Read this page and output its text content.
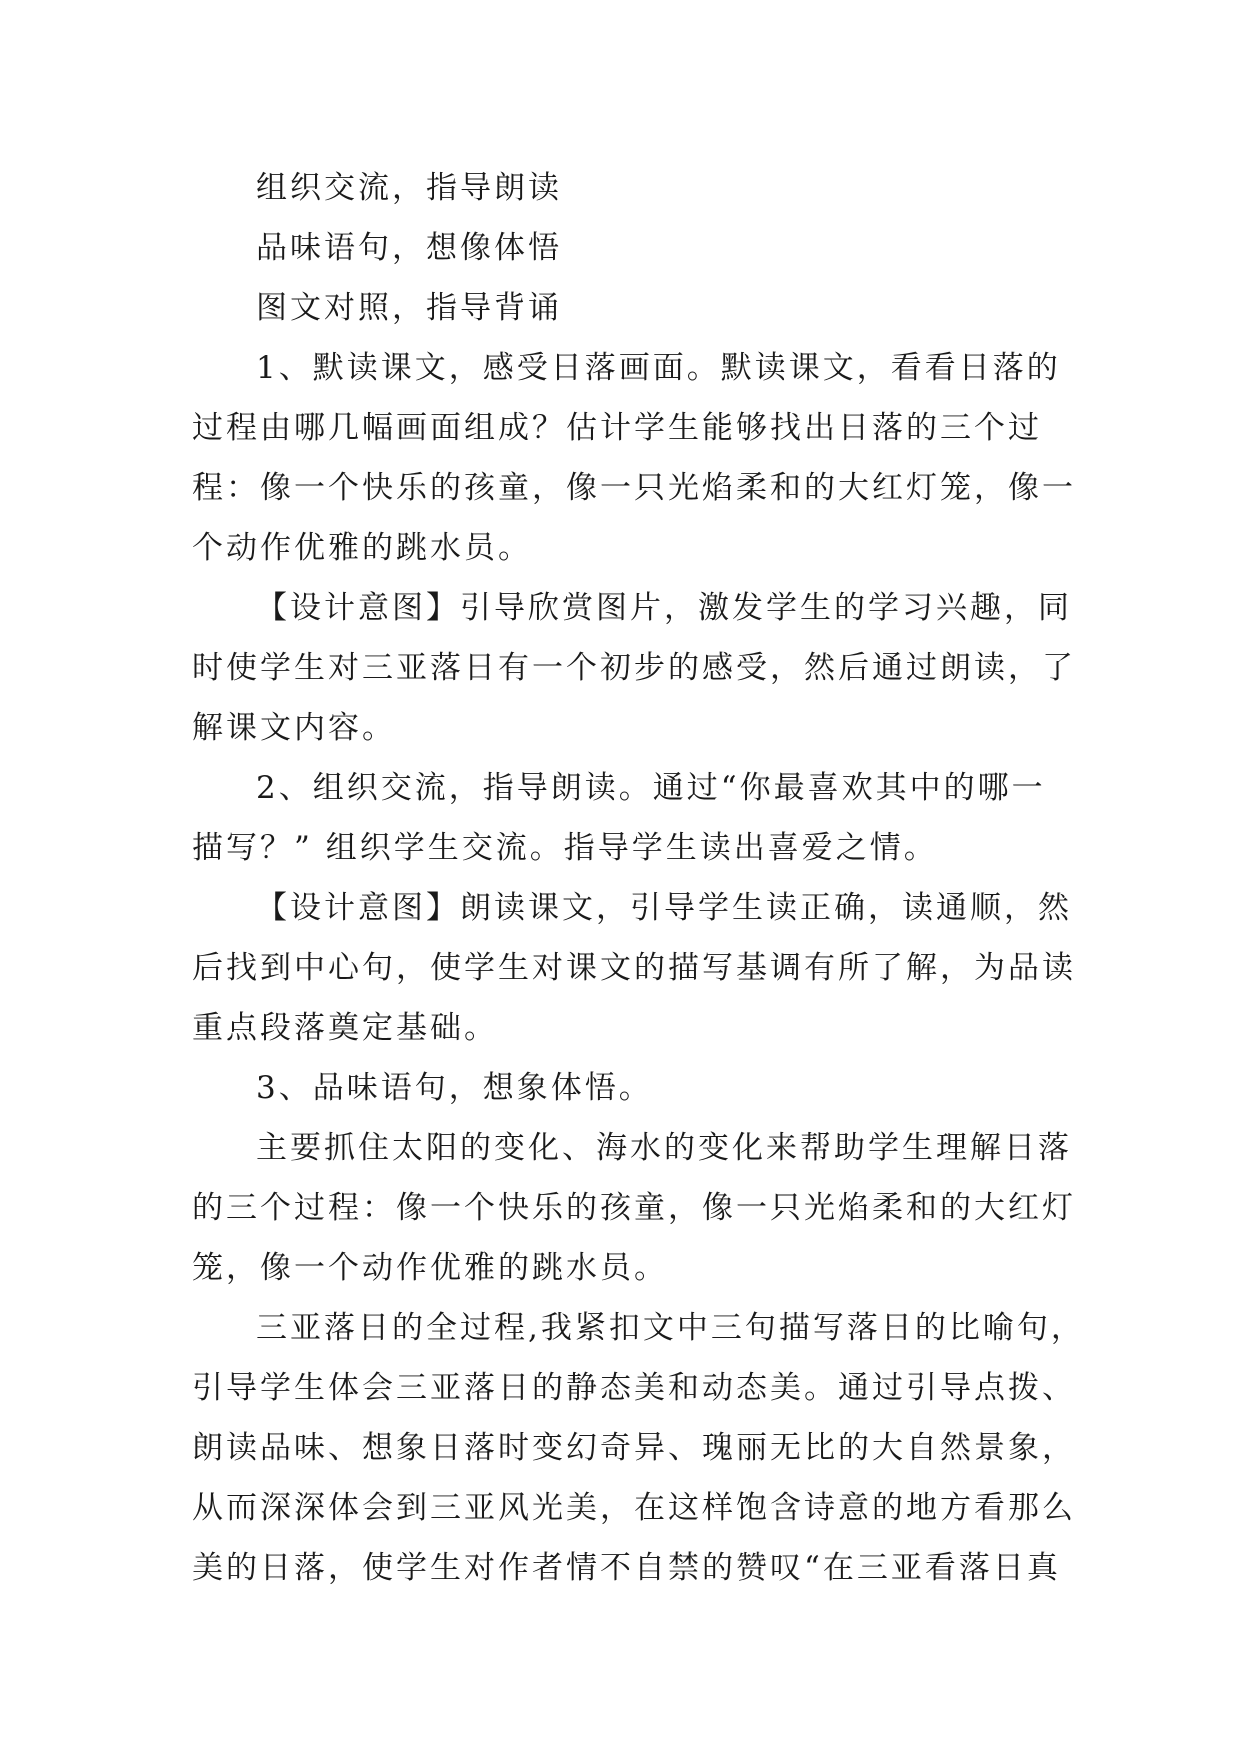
组织交流，指导朗读
品味语句，想像体悟
图文对照，指导背诵
1、默读课文，感受日落画面。默读课文，看看日落的
过程由哪几幅画面组成？估计学生能够找出日落的三个过
程：像一个快乐的孩童，像一只光焰柔和的大红灯笼，像一
个动作优雅的跳水员。
【设计意图】引导欣赏图片，激发学生的学习兴趣，同
时使学生对三亚落日有一个初步的感受，然后通过朗读，了
解课文内容。
2、组织交流，指导朗读。通过“你最喜欢其中的哪一
描写？” 组织学生交流。指导学生读出喜爱之情。
【设计意图】朗读课文，引导学生读正确，读通顺，然
后找到中心句，使学生对课文的描写基调有所了解，为品读
重点段落奠定基础。
3、品味语句，想象体悟。
主要抓住太阳的变化、海水的变化来帮助学生理解日落
的三个过程：像一个快乐的孩童，像一只光焰柔和的大红灯
笼，像一个动作优雅的跳水员。
三亚落日的全过程,我紧扣文中三句描写落日的比喻句，
引导学生体会三亚落日的静态美和动态美。通过引导点拨、
朗读品味、想象日落时变幻奇异、瑰丽无比的大自然景象，
从而深深体会到三亚风光美，在这样饱含诗意的地方看那么
美的日落，使学生对作者情不自禁的赞叹“在三亚看落日真
